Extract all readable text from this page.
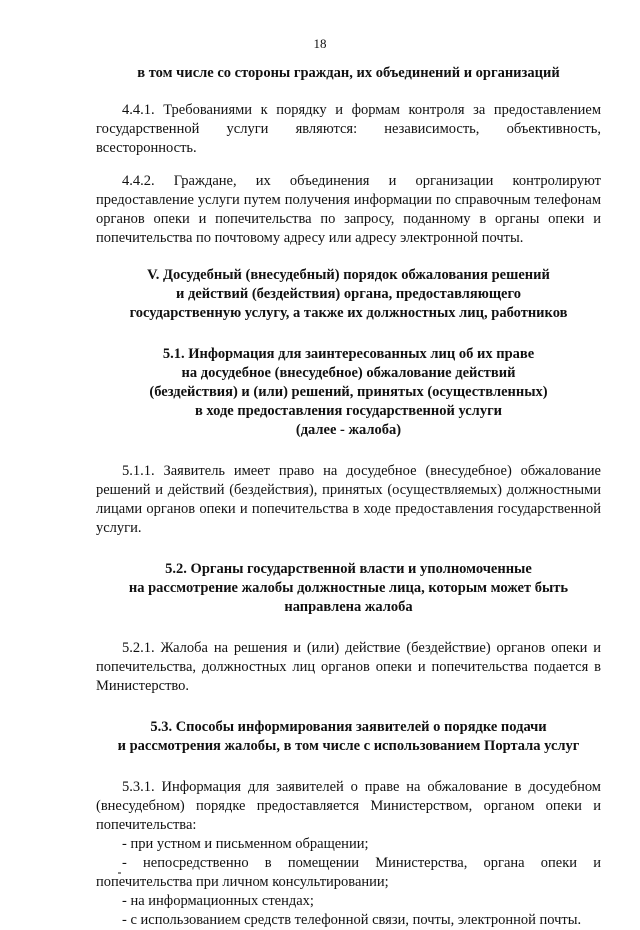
18
в том числе со стороны граждан, их объединений и организаций
4.4.1. Требованиями к порядку и формам контроля за предоставлением государственной услуги являются: независимость, объективность, всесторонность.
4.4.2. Граждане, их объединения и организации контролируют предоставление услуги путем получения информации по справочным телефонам органов опеки и попечительства по запросу, поданному в органы опеки и попечительства по почтовому адресу или адресу электронной почты.
V. Досудебный (внесудебный) порядок обжалования решений
и действий (бездействия) органа, предоставляющего
государственную услугу, а также их должностных лиц, работников
5.1. Информация для заинтересованных лиц об их праве
на досудебное (внесудебное) обжалование действий
(бездействия) и (или) решений, принятых (осуществленных)
в ходе предоставления государственной услуги
(далее - жалоба)
5.1.1. Заявитель имеет право на досудебное (внесудебное) обжалование решений и действий (бездействия), принятых (осуществляемых) должностными лицами органов опеки и попечительства в ходе предоставления государственной услуги.
5.2. Органы государственной власти и уполномоченные
на рассмотрение жалобы должностные лица, которым может быть
направлена жалоба
5.2.1. Жалоба на решения и (или) действие (бездействие) органов опеки и попечительства, должностных лиц органов опеки и попечительства подается в Министерство.
5.3. Способы информирования заявителей о порядке подачи
и рассмотрения жалобы, в том числе с использованием Портала услуг
5.3.1. Информация для заявителей о праве на обжалование в досудебном (внесудебном) порядке предоставляется Министерством, органом опеки и попечительства:
- при устном и письменном обращении;
- непосредственно в помещении Министерства, органа опеки и попечительства при личном консультировании;
- на информационных стендах;
- с использованием средств телефонной связи, почты, электронной почты.
